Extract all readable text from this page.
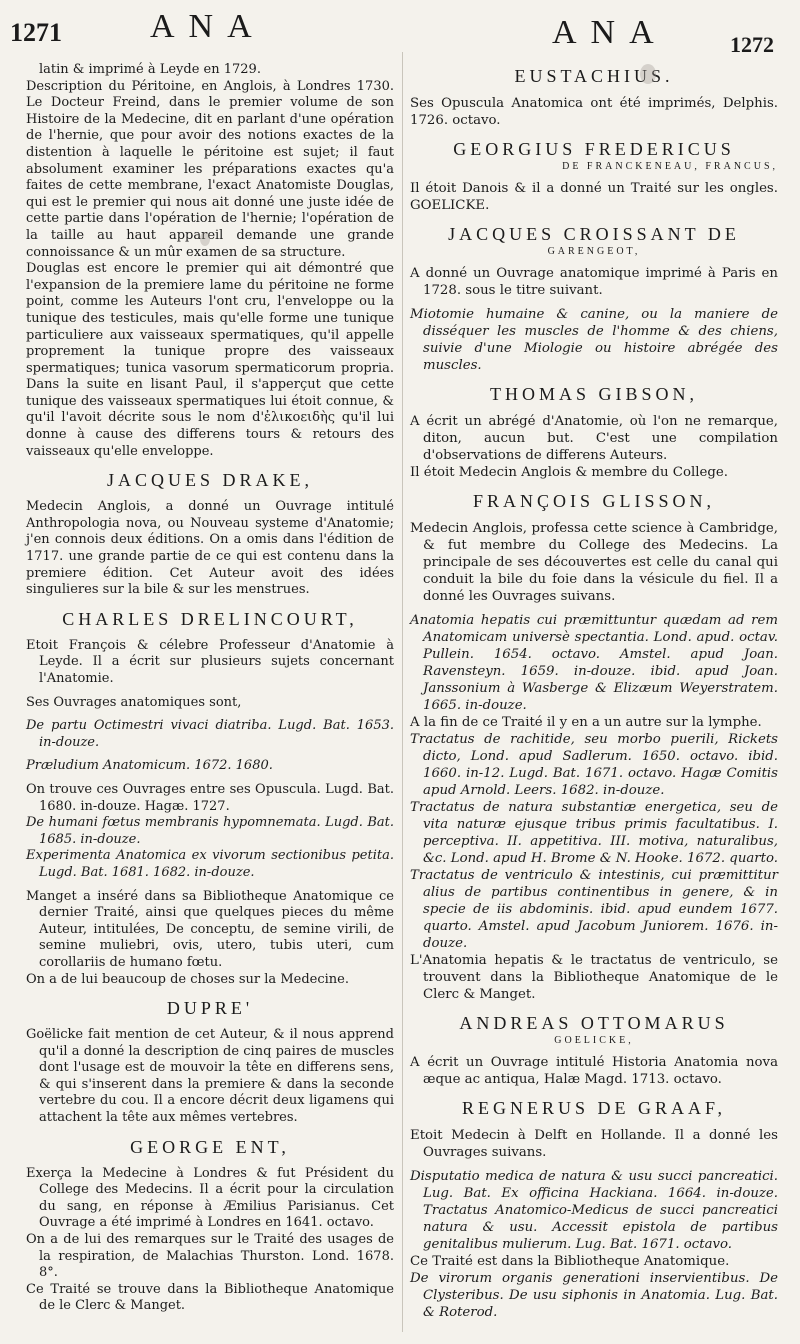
1271	ANA	ANA	1272

latin & imprimé à Leyde en 1729.

Description du Péritoine, en Anglois, à Londres 1730. Le Docteur Freind, dans le premier volume de son Histoire de la Medecine, dit en parlant d'une opération de l'hernie, que pour avoir des notions exactes de la distention à laquelle le péritoine est sujet; il faut absolument examiner les préparations exactes qu'a faites de cette membrane, l'exact Anatomiste Douglas, qui est le premier qui nous ait donné une juste idée de cette partie dans l'opération de l'hernie; l'opération de la taille au haut appareil demande une grande connoissance & un mûr examen de sa structure.

Douglas est encore le premier qui ait démontré que l'expansion de la premiere lame du péritoine ne forme point, comme les Auteurs l'ont cru, l'enveloppe ou la tunique des testicules, mais qu'elle forme une tunique particuliere aux vaisseaux spermatiques, qu'il appelle proprement la tunique propre des vaisseaux spermatiques; tunica vasorum spermaticorum propria. Dans la suite en lisant Paul, il s'apperçut que cette tunique des vaisseaux spermatiques lui étoit connue, & qu'il l'avoit décrite sous le nom d'ἐλικοειδὴς qu'il lui donne à cause des differens tours & retours des vaisseaux qu'elle enveloppe.

JACQUES DRAKE,

Medecin Anglois, a donné un Ouvrage intitulé Anthropologia nova, ou Nouveau systeme d'Anatomie; j'en connois deux éditions. On a omis dans l'édition de 1717. une grande partie de ce qui est contenu dans la premiere édition. Cet Auteur avoit des idées singulieres sur la bile & sur les menstrues.

CHARLES DRELINCOURT,

Etoit François & célebre Professeur d'Anatomie à Leyde. Il a écrit sur plusieurs sujets concernant l'Anatomie.

Ses Ouvrages anatomiques sont,

De partu Octimestri vivaci diatriba. Lugd. Bat. 1653. in-douze.

Præludium Anatomicum. 1672. 1680.

On trouve ces Ouvrages entre ses Opuscula. Lugd. Bat. 1680. in-douze. Hagæ. 1727.

De humani fœtus membranis hypomnemata. Lugd. Bat. 1685. in-douze.

Experimenta Anatomica ex vivorum sectionibus petita. Lugd. Bat. 1681. 1682. in-douze.

Manget a inséré dans sa Bibliotheque Anatomique ce dernier Traité, ainsi que quelques pieces du même Auteur, intitulées, De conceptu, de semine virili, de semine muliebri, ovis, utero, tubis uteri, cum corollariis de humano fœtu.

On a de lui beaucoup de choses sur la Medecine.

DUPRE'

Goëlicke fait mention de cet Auteur, & il nous apprend qu'il a donné la description de cinq paires de muscles dont l'usage est de mouvoir la tête en differens sens, & qui s'inserent dans la premiere & dans la seconde vertebre du cou. Il a encore décrit deux ligamens qui attachent la tête aux mêmes vertebres.

GEORGE ENT,

Exerça la Medecine à Londres & fut Président du College des Medecins. Il a écrit pour la circulation du sang, en réponse à Æmilius Parisianus. Cet Ouvrage a été imprimé à Londres en 1641. octavo.

On a de lui des remarques sur le Traité des usages de la respiration, de Malachias Thurston. Lond. 1678. 8°.

Ce Traité se trouve dans la Bibliotheque Anatomique de le Clerc & Manget.

EUSTACHIUS.

Ses Opuscula Anatomica ont été imprimés, Delphis. 1726. octavo.

GEORGIUS FREDERICUS
DE FRANCKENEAU, FRANCUS,

Il étoit Danois & il a donné un Traité sur les ongles. GOELICKE.

JACQUES CROISSANT DE
GARENGEOT,

A donné un Ouvrage anatomique imprimé à Paris en 1728. sous le titre suivant.

Miotomie humaine & canine, ou la maniere de disséquer les muscles de l'homme & des chiens, suivie d'une Miologie ou histoire abrégée des muscles.

THOMAS GIBSON,

A écrit un abrégé d'Anatomie, où l'on ne remarque, diton, aucun but. C'est une compilation d'observations de differens Auteurs.

Il étoit Medecin Anglois & membre du College.

FRANÇOIS GLISSON,

Medecin Anglois, professa cette science à Cambridge, & fut membre du College des Medecins. La principale de ses découvertes est celle du canal qui conduit la bile du foie dans la vésicule du fiel. Il a donné les Ouvrages suivans.

Anatomia hepatis cui præmittuntur quædam ad rem Anatomicam universè spectantia. Lond. apud. octav. Pullein. 1654. octavo. Amstel. apud Joan. Ravensteyn. 1659. in-douze. ibid. apud Joan. Janssonium à Wasberge & Elizæum Weyerstratem. 1665. in-douze.

A la fin de ce Traité il y en a un autre sur la lymphe.

Tractatus de rachitide, seu morbo puerili, Rickets dicto, Lond. apud Sadlerum. 1650. octavo. ibid. 1660. in-12. Lugd. Bat. 1671. octavo. Hagæ Comitis apud Arnold. Leers. 1682. in-douze.

Tractatus de natura substantiæ energetica, seu de vita naturæ ejusque tribus primis facultatibus. I. perceptiva. II. appetitiva. III. motiva, naturalibus, &c. Lond. apud H. Brome & N. Hooke. 1672. quarto.

Tractatus de ventriculo & intestinis, cui præmittitur alius de partibus continentibus in genere, & in specie de iis abdominis. ibid. apud eundem 1677. quarto. Amstel. apud Jacobum Juniorem. 1676. in-douze.

L'Anatomia hepatis & le tractatus de ventriculo, se trouvent dans la Bibliotheque Anatomique de le Clerc & Manget.

ANDREAS OTTOMARUS
GOELICKE,

A écrit un Ouvrage intitulé Historia Anatomia nova æque ac antiqua, Halæ Magd. 1713. octavo.

REGNERUS DE GRAAF,

Etoit Medecin à Delft en Hollande. Il a donné les Ouvrages suivans.

Disputatio medica de natura & usu succi pancreatici. Lug. Bat. Ex officina Hackiana. 1664. in-douze. Tractatus Anatomico-Medicus de succi pancreatici natura & usu. Accessit epistola de partibus genitalibus mulierum. Lug. Bat. 1671. octavo.

Ce Traité est dans la Bibliotheque Anatomique.

De virorum organis generationi inservientibus. De Clysteribus. De usu siphonis in Anatomia. Lug. Bat. & Roterod.
